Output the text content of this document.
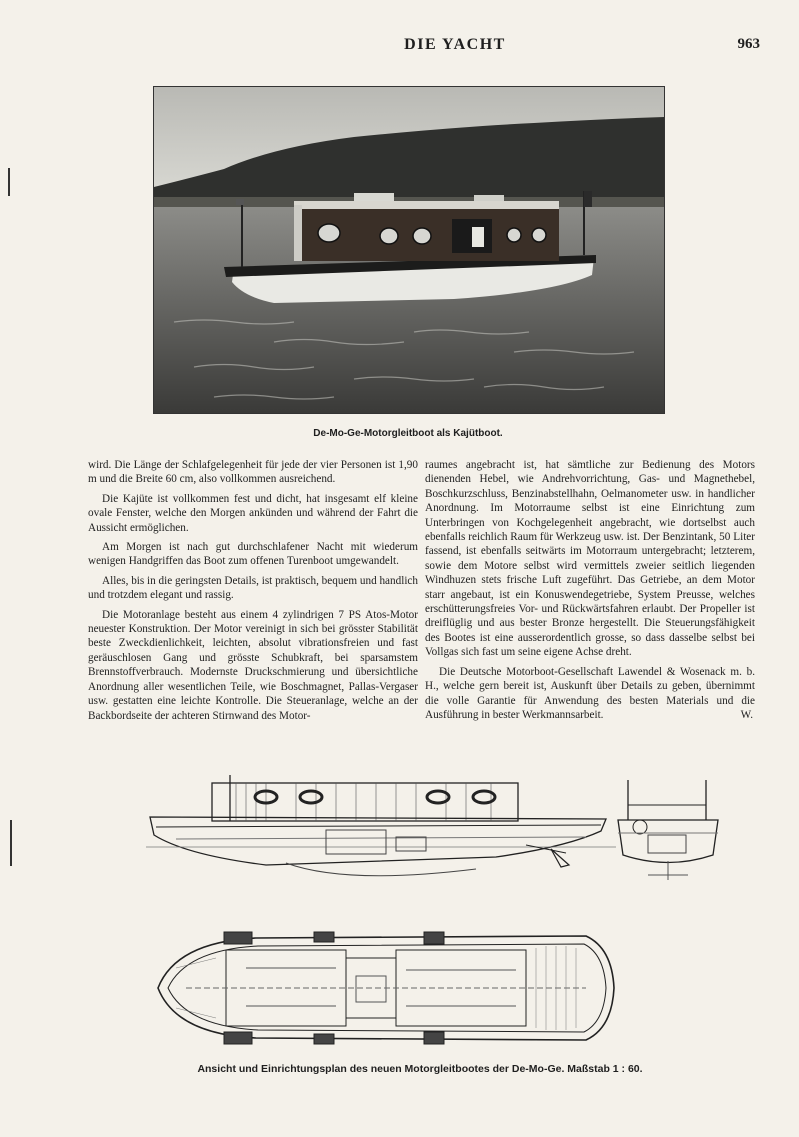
DIE YACHT	963
De-Mo-Ge-Motorgleitboot als Kajütboot.

wird. Die Länge der Schlafgelegenheit für jede der vier Personen ist 1,90 m und die Breite 60 cm, also vollkommen ausreichend.

Die Kajüte ist vollkommen fest und dicht, hat insgesamt elf kleine ovale Fenster, welche den Morgen ankünden und während der Fahrt die Aussicht ermöglichen.

Am Morgen ist nach gut durchschlafener Nacht mit wiederum wenigen Handgriffen das Boot zum offenen Turenboot umgewandelt.

Alles, bis in die geringsten Details, ist praktisch, bequem und handlich und trotzdem elegant und rassig.

Die Motoranlage besteht aus einem 4 zylindrigen 7 PS Atos-Motor neuester Konstruktion. Der Motor vereinigt in sich bei grösster Stabilität beste Zweckdienlichkeit, leichten, absolut vibrationsfreien und fast geräuschlosen Gang und grösste Schubkraft, bei sparsamstem Brennstoffverbrauch. Modernste Druckschmierung und übersichtliche Anordnung aller wesentlichen Teile, wie Boschmagnet, Pallas-Vergaser usw. gestatten eine leichte Kontrolle. Die Steueranlage, welche an der Backbordseite der achteren Stirnwand des Motor-

raumes angebracht ist, hat sämtliche zur Bedienung des Motors dienenden Hebel, wie Andrehvorrichtung, Gas- und Magnethebel, Boschkurzschluss, Benzinabstellhahn, Oelmanometer usw. in handlicher Anordnung. Im Motorraume selbst ist eine Einrichtung zum Unterbringen von Kochgelegenheit angebracht, wie dortselbst auch ebenfalls reichlich Raum für Werkzeug usw. ist. Der Benzintank, 50 Liter fassend, ist ebenfalls seitwärts im Motorraum untergebracht; letzterem, sowie dem Motore selbst wird vermittels zweier seitlich liegenden Windhuzen stets frische Luft zugeführt. Das Getriebe, an dem Motor starr angebaut, ist ein Konuswendegetriebe, System Preusse, welches erschütterungsfreies Vor- und Rückwärtsfahren erlaubt. Der Propeller ist dreiflüglig und aus bester Bronze hergestellt. Die Steuerungsfähigkeit des Bootes ist eine ausserordentlich grosse, so dass dasselbe selbst bei Vollgas sich fast um seine eigene Achse dreht.

Die Deutsche Motorboot-Gesellschaft Lawendel & Wosenack m. b. H., welche gern bereit ist, Auskunft über Details zu geben, übernimmt die volle Garantie für Anwendung des besten Materials und die Ausführung in bester Werkmannsarbeit.	W.
Ansicht und Einrichtungsplan des neuen Motorgleitbootes der De-Mo-Ge. Maßstab 1 : 60.
